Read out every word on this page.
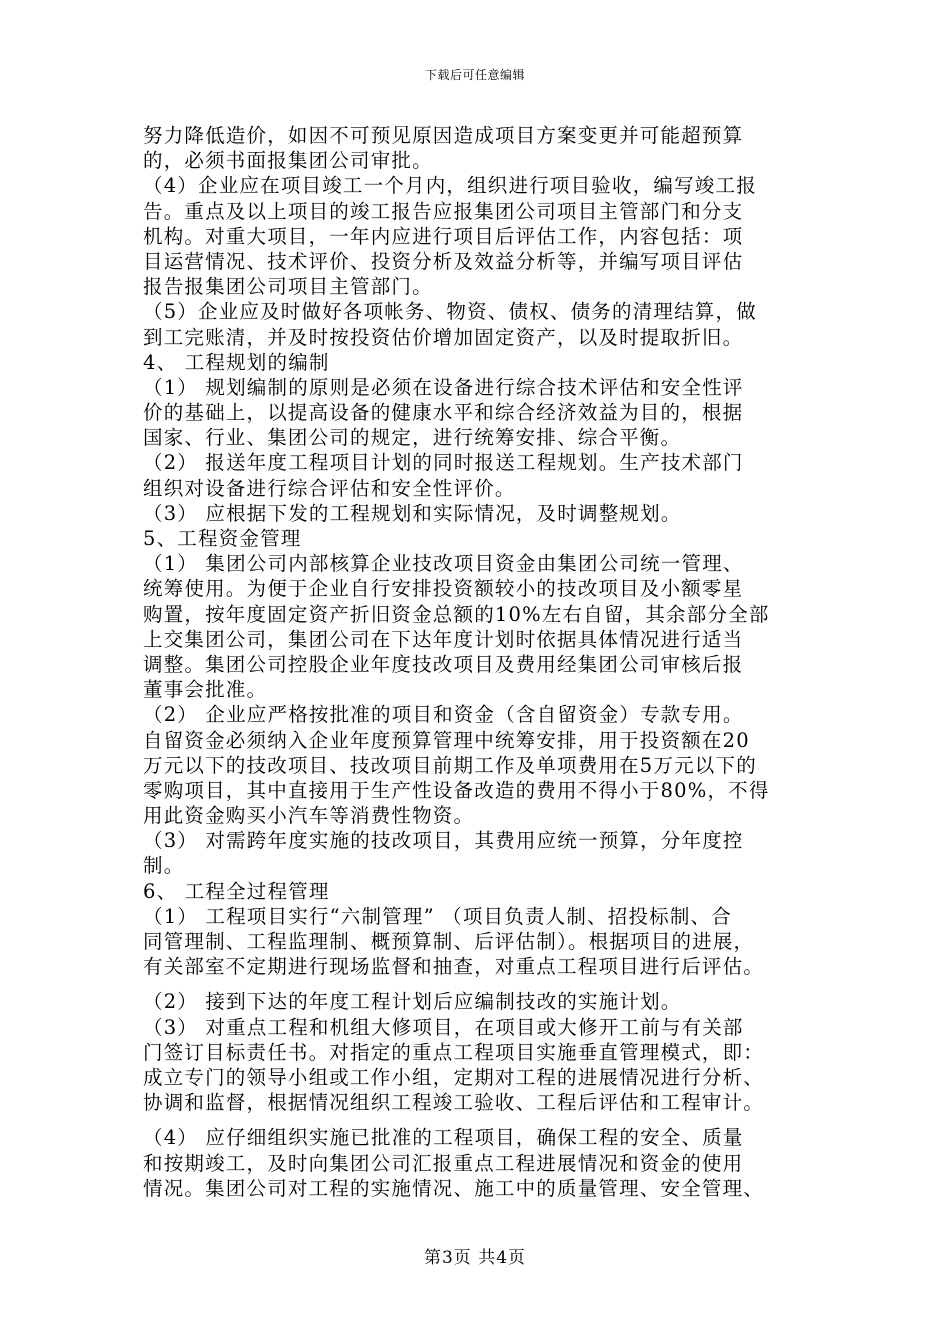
下载后可任意编辑
努力降低造价，如因不可预见原因造成项目方案变更并可能超预算
的，必须书面报集团公司审批。
（4）企业应在项目竣工一个月内，组织进行项目验收，编写竣工报
告。重点及以上项目的竣工报告应报集团公司项目主管部门和分支
机构。对重大项目，一年内应进行项目后评估工作，内容包括：项
目运营情况、技术评价、投资分析及效益分析等，并编写项目评估
报告报集团公司项目主管部门。
（5）企业应及时做好各项帐务、物资、债权、债务的清理结算，做
到工完账清，并及时按投资估价增加固定资产，以及时提取折旧。
4、 工程规划的编制
（1） 规划编制的原则是必须在设备进行综合技术评估和安全性评
价的基础上，以提高设备的健康水平和综合经济效益为目的，根据
国家、行业、集团公司的规定，进行统筹安排、综合平衡。
（2） 报送年度工程项目计划的同时报送工程规划。生产技术部门
组织对设备进行综合评估和安全性评价。
（3） 应根据下发的工程规划和实际情况，及时调整规划。
5、工程资金管理
（1） 集团公司内部核算企业技改项目资金由集团公司统一管理、
统筹使用。为便于企业自行安排投资额较小的技改项目及小额零星
购置，按年度固定资产折旧资金总额的10%左右自留，其余部分全部
上交集团公司，集团公司在下达年度计划时依据具体情况进行适当
调整。集团公司控股企业年度技改项目及费用经集团公司审核后报
董事会批准。
（2） 企业应严格按批准的项目和资金（含自留资金）专款专用。
自留资金必须纳入企业年度预算管理中统筹安排，用于投资额在20
万元以下的技改项目、技改项目前期工作及单项费用在5万元以下的
零购项目，其中直接用于生产性设备改造的费用不得小于80%，不得
用此资金购买小汽车等消费性物资。
（3） 对需跨年度实施的技改项目，其费用应统一预算，分年度控
制。
6、 工程全过程管理
（1） 工程项目实行“六制管理” （项目负责人制、招投标制、合
同管理制、工程监理制、概预算制、后评估制）。根据项目的进展，
有关部室不定期进行现场监督和抽查，对重点工程项目进行后评估。
（2） 接到下达的年度工程计划后应编制技改的实施计划。
（3） 对重点工程和机组大修项目，在项目或大修开工前与有关部
门签订目标责任书。对指定的重点工程项目实施垂直管理模式，即：
成立专门的领导小组或工作小组，定期对工程的进展情况进行分析、
协调和监督，根据情况组织工程竣工验收、工程后评估和工程审计。
（4） 应仔细组织实施已批准的工程项目，确保工程的安全、质量
和按期竣工，及时向集团公司汇报重点工程进展情况和资金的使用
情况。集团公司对工程的实施情况、施工中的质量管理、安全管理、
第3页 共4页
